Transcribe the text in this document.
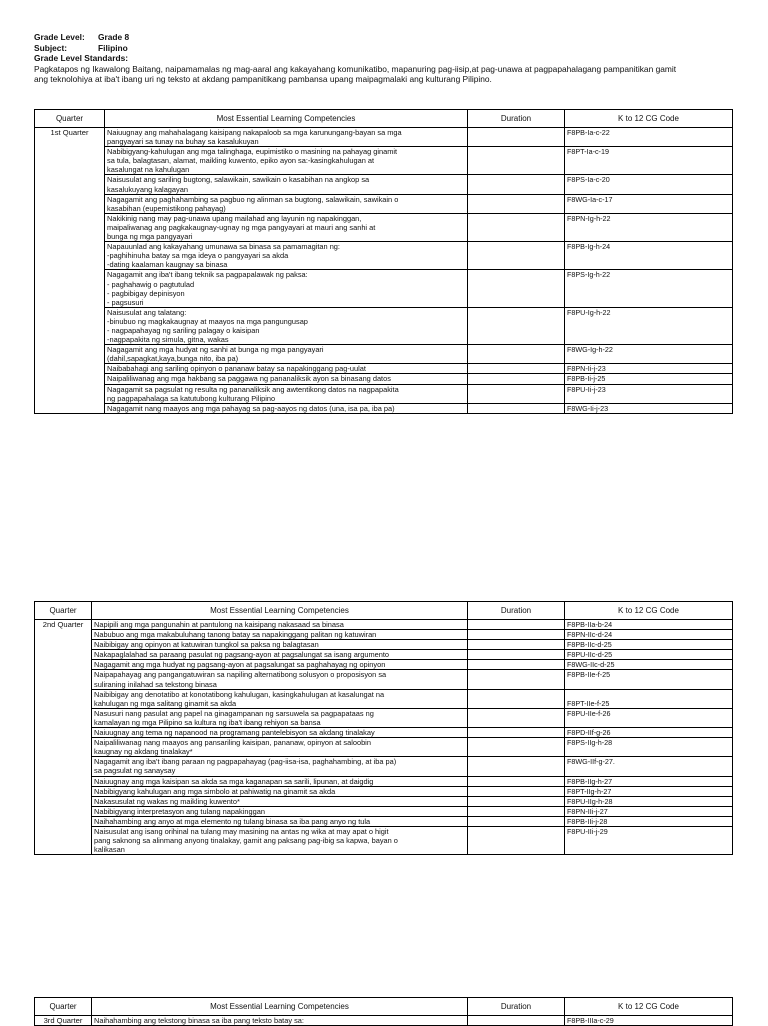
Grade Level:	Grade 8
Subject:	Filipino
Grade Level Standards:
Pagkatapos ng Ikawalong Baitang, naipamamalas ng mag-aaral ang kakayahang komunikatibo, mapanuring pag-iisip,at pag-unawa at pagpapahalagang pampanitikan gamit
ang teknolohiya at iba't ibang uri ng teksto at akdang pampanitikang pambansa upang maipagmalaki ang kulturang Pilipino.
Quarter	Most Essential Learning Competencies	Duration	K to 12 CG Code
1st Quarter	Naiuugnay ang mahahalagang kaisipang nakapaloob sa mga karunungang-bayan sa mga
pangyayari sa tunay na buhay sa kasalukuyan		F8PB-Ia-c-22

	Nabibigyang-kahulugan ang mga talinghaga, eupimistiko o masining na pahayag ginamit
sa tula, balagtasan, alamat, maikling kuwento, epiko ayon sa:-kasingkahulugan at
kasalungat na kahulugan		F8PT-Ia-c-19

	Naisusulat ang sariling bugtong, salawikain, sawikain o kasabihan na angkop sa
kasalukuyang kalagayan		F8PS-Ia-c-20

	Nagagamit ang paghahambing sa pagbuo ng alinman sa bugtong, salawikain, sawikain o
kasabihan (eupemistikong pahayag)		F8WG-Ia-c-17

	Nakikinig nang may pag-unawa upang mailahad ang layunin ng napakinggan,
maipaliwanag ang pagkakaugnay-ugnay ng mga pangyayari at mauri ang sanhi at
bunga ng mga pangyayari		F8PN-Ig-h-22

	Napauunlad ang kakayahang umunawa sa binasa sa pamamagitan ng:
-paghihinuha batay sa mga ideya o pangyayari sa akda
-dating kaalaman kaugnay sa binasa		F8PB-Ig-h-24

	Nagagamit ang iba't ibang teknik sa pagpapalawak ng paksa:
- paghahawig o pagtutulad
- pagbibigay depinisyon
- pagsusuri		F8PS-Ig-h-22

	Naisusulat ang talatang:
-binubuo ng magkakaugnay at maayos na mga pangungusap
- nagpapahayag ng sariling palagay o kaisipan
-nagpapakita ng simula, gitna, wakas		F8PU-Ig-h-22

	Nagagamit ang mga hudyat ng sanhi at bunga ng mga pangyayari
(dahil,sapagkat,kaya,bunga nito, iba pa)		F8WG-Ig-h-22

	Naibabahagi ang sariling opinyon o pananaw batay sa napakinggang pag-uulat		F8PN-Ii-j-23

	Naipaliliwanag ang mga hakbang sa paggawa ng pananaliksik ayon sa binasang datos		F8PB-Ii-j-25

	Nagagamit sa pagsulat ng resulta ng pananaliksik ang awtentikong datos na nagpapakita
ng pagpapahalaga sa katutubong kulturang Pilipino		F8PU-Ii-j-23

	Nagagamit nang maayos ang mga pahayag sa pag-aayos ng datos (una, isa pa, iba pa)		F8WG-Ii-j-23
Quarter	Most Essential Learning Competencies	Duration	K to 12 CG Code
2nd Quarter	Napipili ang mga pangunahin at pantulong na kaisipang nakasaad sa binasa		F8PB-IIa-b-24

	Nabubuo ang mga makabuluhang tanong batay sa napakinggang palitan ng katuwiran		F8PN-IIc-d-24

	Naibibigay ang opinyon at katuwiran tungkol sa paksa ng balagtasan		F8PB-IIc-d-25

	Nakapaglalahad sa paraang pasulat ng pagsang-ayon at pagsalungat sa isang argumento		F8PU-IIc-d-25

	Nagagamit ang mga hudyat ng pagsang-ayon at pagsalungat sa paghahayag ng opinyon		F8WG-IIc-d-25

	Naipapahayag ang pangangatuwiran sa napiling alternatibong solusyon o proposisyon sa
suliraning inilahad sa tekstong binasa		F8PB-IIe-f-25

	Naibibigay ang denotatibo at konotatibong kahulugan, kasingkahulugan at kasalungat na
kahulugan ng mga salitang ginamit sa akda		F8PT-IIe-f-25

	Nasusuri nang pasulat ang papel na ginagampanan ng sarsuwela sa pagpapataas ng
kamalayan ng mga Pilipino sa kultura ng iba't ibang rehiyon sa bansa		F8PU-IIe-f-26

	Naiuugnay ang tema ng napanood na programang pantelebisyon sa akdang tinalakay		F8PD-IIf-g-26

	Naipaliliwanag nang maayos ang pansariling kaisipan, pananaw, opinyon at saloobin
kaugnay ng akdang tinalakay*		F8PS-IIg-h-28

	Nagagamit ang iba't ibang paraan ng pagpapahayag (pag-iisa-isa, paghahambing, at iba pa)
sa pagsulat ng sanaysay		F8WG-IIf-g-27.

	Naiuugnay ang mga kaisipan sa akda sa mga kaganapan sa sarili, lipunan, at daigdig		F8PB-IIg-h-27

	Nabibigyang kahulugan ang mga simbolo at pahiwatig na ginamit sa akda		F8PT-IIg-h-27

	Nakasusulat ng wakas ng maikling kuwento*		F8PU-IIg-h-28

	Nabibigyang interpretasyon ang tulang napakinggan		F8PN-IIi-j-27

	Naihahambing ang anyo at mga elemento ng tulang binasa sa iba pang anyo ng tula		F8PB-IIi-j-28

	Naisusulat ang isang orihinal na tulang may masining na antas ng wika at may apat o higit
pang saknong sa alinmang anyong tinalakay, gamit ang paksang pag-ibig sa kapwa, bayan o
kalikasan		F8PU-IIi-j-29
Quarter	Most Essential Learning Competencies	Duration	K to 12 CG Code
3rd Quarter	Naihahambing ang tekstong binasa sa iba pang teksto batay sa:		F8PB-IIIa-c-29
